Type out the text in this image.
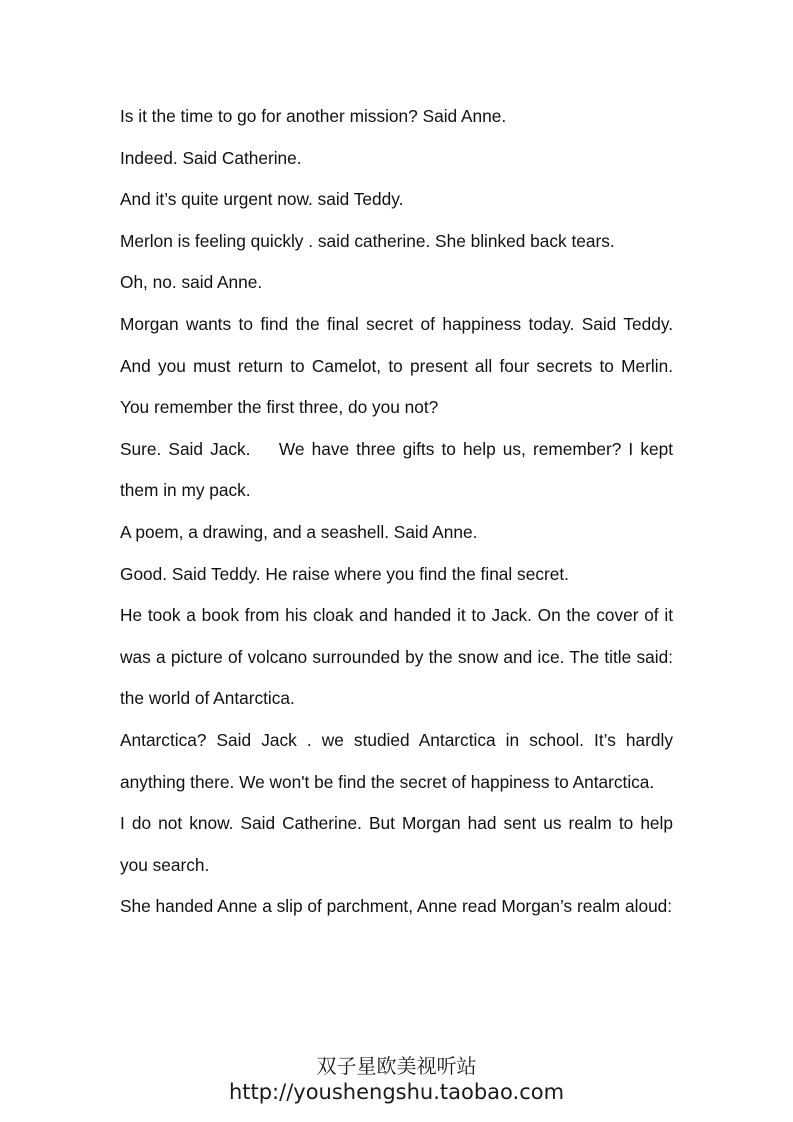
Is it the time to go for another mission? Said Anne.

Indeed. Said Catherine.

And it’s quite urgent now. said Teddy.

Merlon is feeling quickly . said catherine. She blinked back tears.

Oh, no. said Anne.

Morgan wants to find the final secret of happiness today. Said Teddy. And you must return to Camelot, to present all four secrets to Merlin. You remember the first three, do you not?

Sure. Said Jack.    We have three gifts to help us, remember? I kept them in my pack.

A poem, a drawing, and a seashell. Said Anne.

Good. Said Teddy. He raise where you find the final secret.

He took a book from his cloak and handed it to Jack. On the cover of it was a picture of volcano surrounded by the snow and ice. The title said: the world of Antarctica.

Antarctica? Said Jack . we studied Antarctica in school. It’s hardly anything there. We won't be find the secret of happiness to Antarctica.

I do not know. Said Catherine. But Morgan had sent us realm to help you search.

She handed Anne a slip of parchment, Anne read Morgan’s realm aloud:

双子星欧美视听站
http://youshengshu.taobao.com
